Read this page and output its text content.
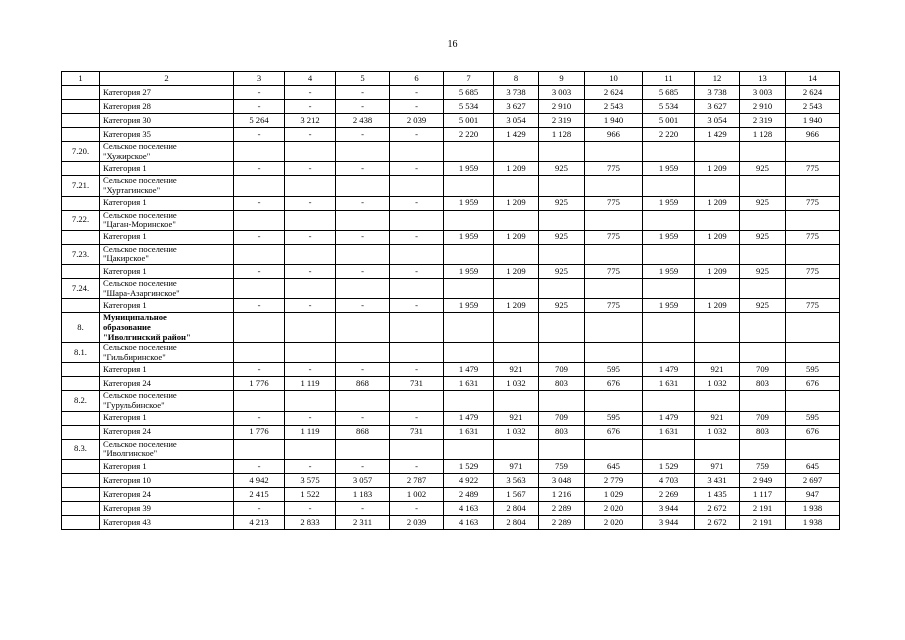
16
1	2	3	4	5	6	7	8	9	10	11	12	13	14

	Категория 27	-	-	-	-	5 685	3 738	3 003	2 624	5 685	3 738	3 003	2 624

	Категория 28	-	-	-	-	5 534	3 627	2 910	2 543	5 534	3 627	2 910	2 543

	Категория 30	5 264	3 212	2 438	2 039	5 001	3 054	2 319	1 940	5 001	3 054	2 319	1 940

	Категория 35	-	-	-	-	2 220	1 429	1 128	966	2 220	1 429	1 128	966
7.20.	Сельское поселение
"Хужирское"												

	Категория 1	-	-	-	-	1 959	1 209	925	775	1 959	1 209	925	775
7.21.	Сельское поселение
"Хуртагинское"												

	Категория 1	-	-	-	-	1 959	1 209	925	775	1 959	1 209	925	775
7.22.	Сельское поселение
"Цаган-Моринское"												

	Категория 1	-	-	-	-	1 959	1 209	925	775	1 959	1 209	925	775
7.23.	Сельское поселение
"Цакирское"												

	Категория 1	-	-	-	-	1 959	1 209	925	775	1 959	1 209	925	775
7.24.	Сельское поселение
"Шара-Азаргинское"												

	Категория 1	-	-	-	-	1 959	1 209	925	775	1 959	1 209	925	775
8.	Муниципальное
образование
"Иволгинский район"												

8.1.	Сельское поселение
"Гильбиринское"												

	Категория 1	-	-	-	-	1 479	921	709	595	1 479	921	709	595

	Категория 24	1 776	1 119	868	731	1 631	1 032	803	676	1 631	1 032	803	676
8.2.	Сельское поселение
"Гурульбинское"												

	Категория 1	-	-	-	-	1 479	921	709	595	1 479	921	709	595

	Категория 24	1 776	1 119	868	731	1 631	1 032	803	676	1 631	1 032	803	676
8.3.	Сельское поселение
"Иволгинское"												

	Категория 1	-	-	-	-	1 529	971	759	645	1 529	971	759	645

	Категория 10	4 942	3 575	3 057	2 787	4 922	3 563	3 048	2 779	4 703	3 431	2 949	2 697

	Категория 24	2 415	1 522	1 183	1 002	2 489	1 567	1 216	1 029	2 269	1 435	1 117	947

	Категория 39	-	-	-	-	4 163	2 804	2 289	2 020	3 944	2 672	2 191	1 938

	Категория 43	4 213	2 833	2 311	2 039	4 163	2 804	2 289	2 020	3 944	2 672	2 191	1 938
